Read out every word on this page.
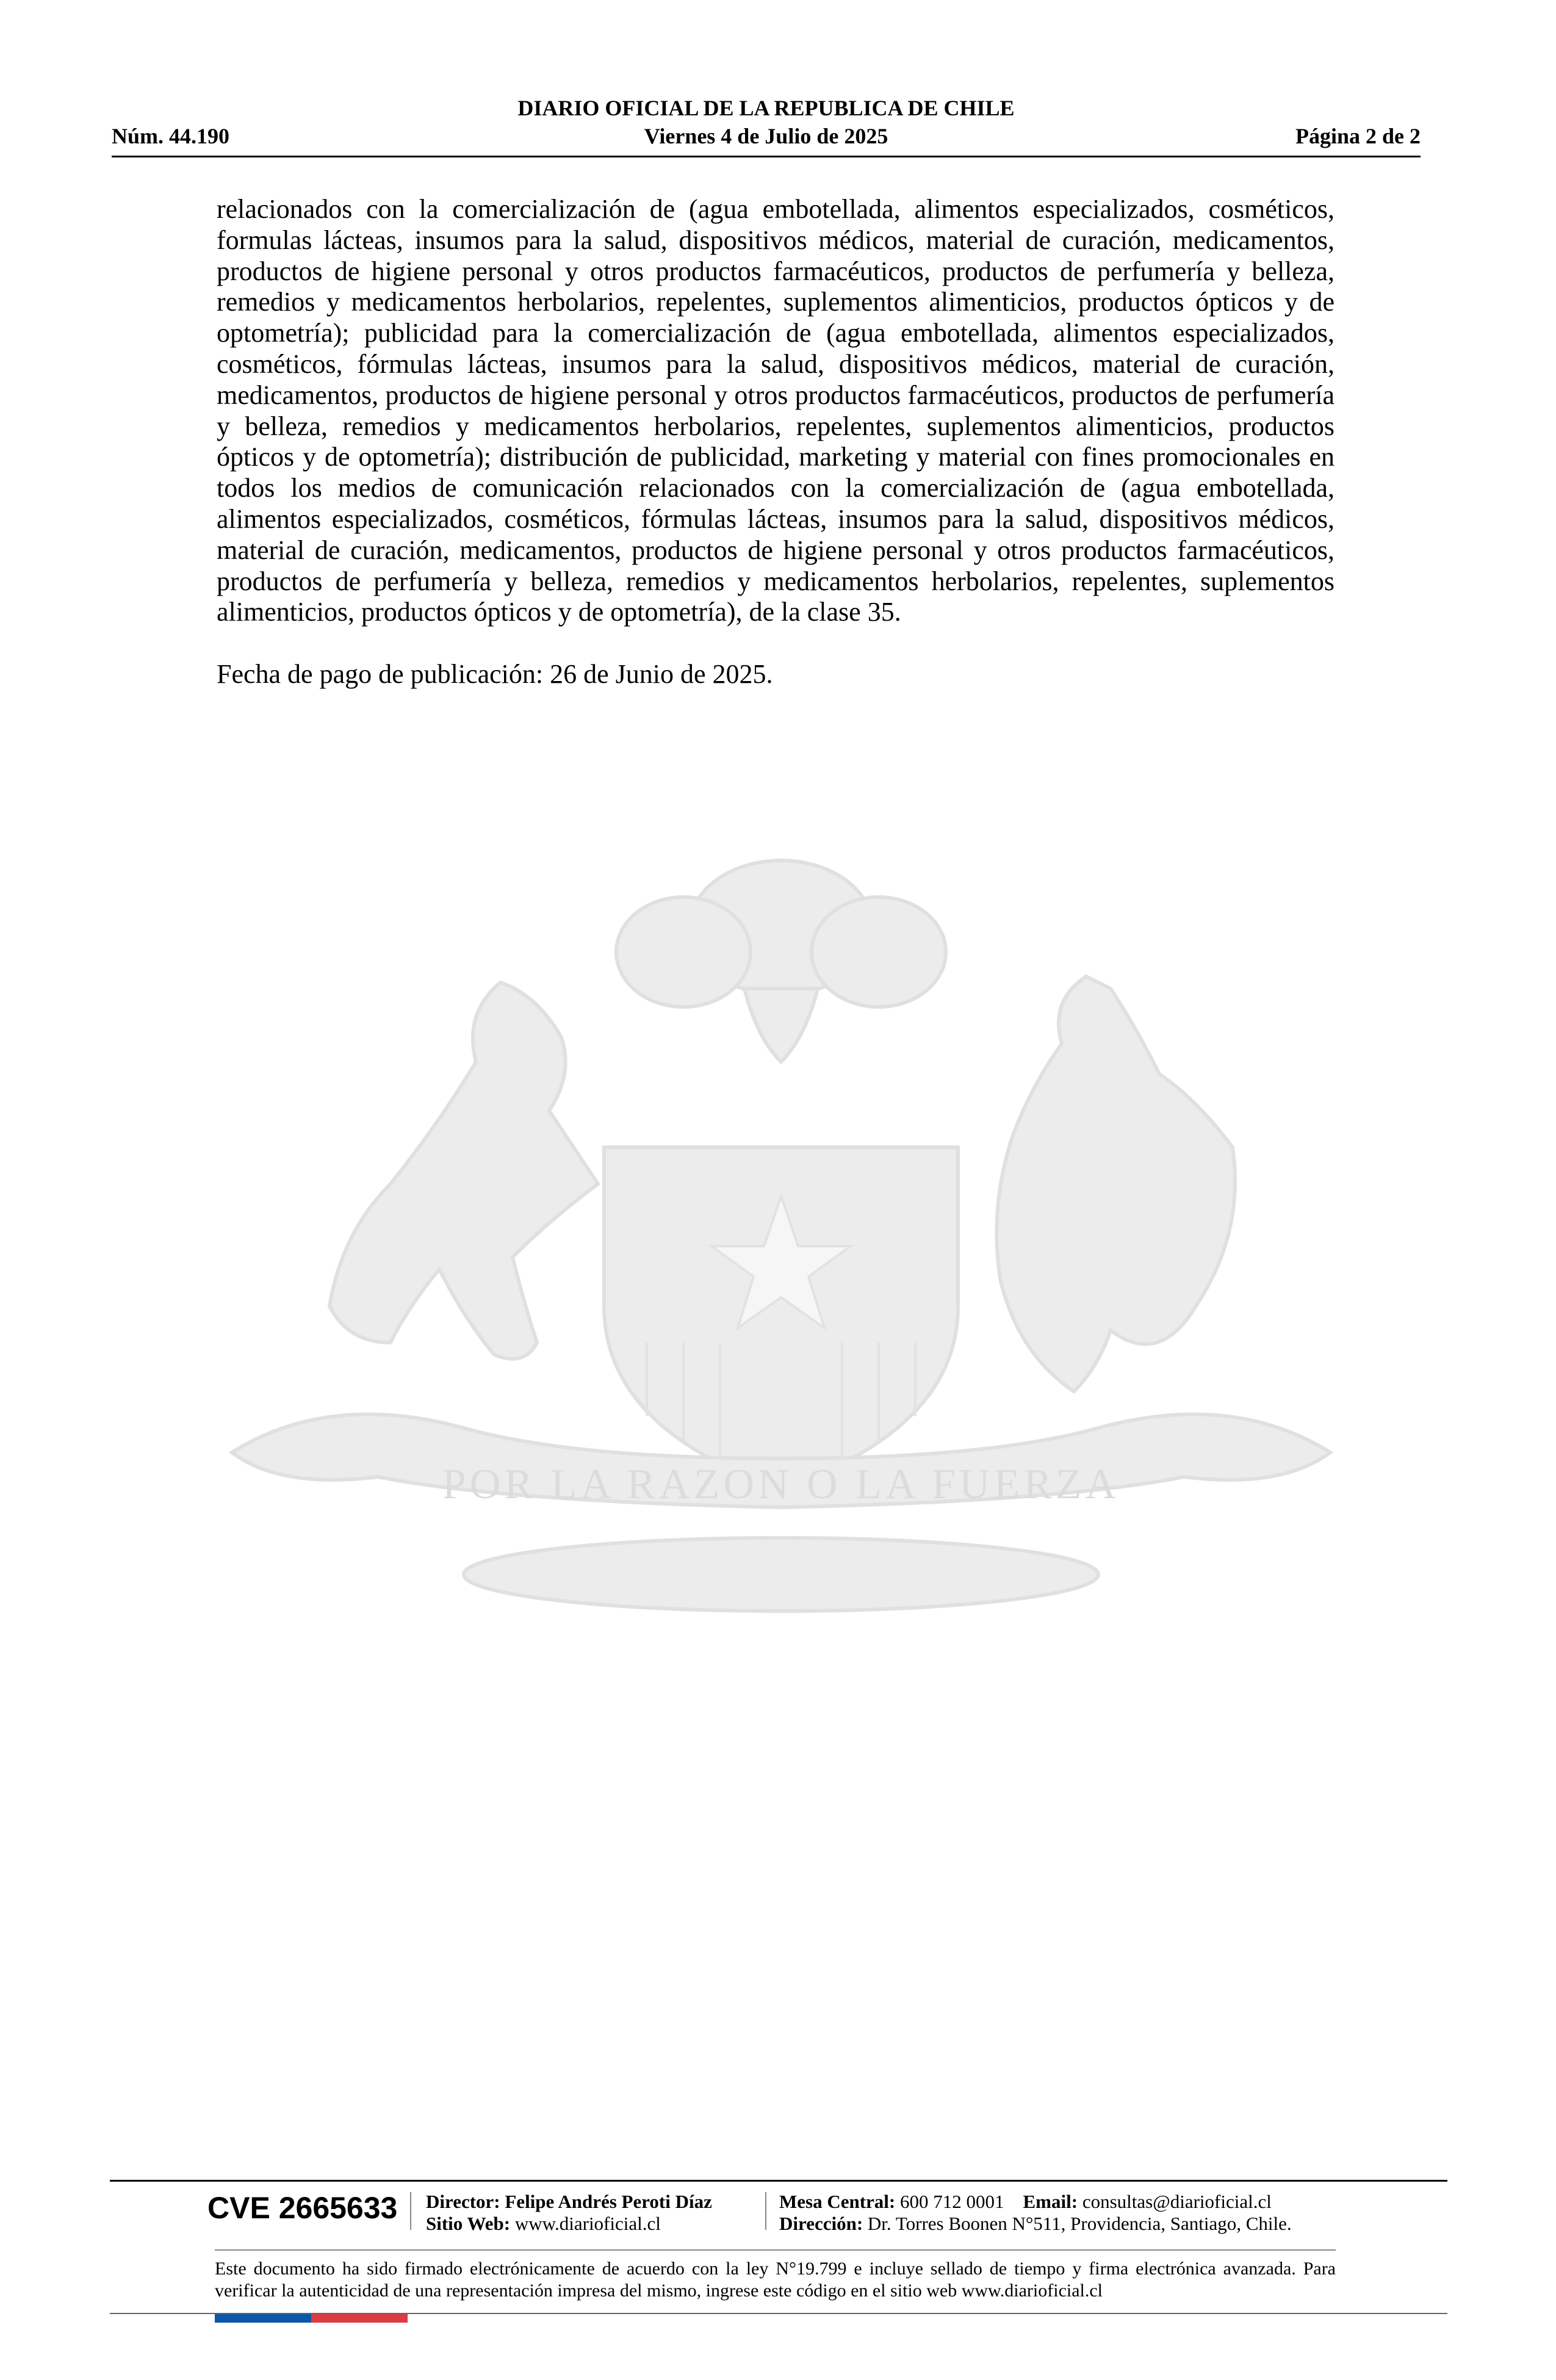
DIARIO OFICIAL DE LA REPUBLICA DE CHILE
Núm. 44.190	Viernes 4 de Julio de 2025	Página 2 de 2
POR LA RAZON O LA FUERZA

relacionados con la comercialización de (agua embotellada, alimentos especializados, cosméticos, formulas lácteas, insumos para la salud, dispositivos médicos, material de curación, medicamentos, productos de higiene personal y otros productos farmacéuticos, productos de perfumería y belleza, remedios y medicamentos herbolarios, repelentes, suplementos alimenticios, productos ópticos y de optometría); publicidad para la comercialización de (agua embotellada, alimentos especializados, cosméticos, fórmulas lácteas, insumos para la salud, dispositivos médicos, material de curación, medicamentos, productos de higiene personal y otros productos farmacéuticos, productos de perfumería y belleza, remedios y medicamentos herbolarios, repelentes, suplementos alimenticios, productos ópticos y de optometría); distribución de publicidad, marketing y material con fines promocionales en todos los medios de comunicación relacionados con la comercialización de (agua embotellada, alimentos especializados, cosméticos, fórmulas lácteas, insumos para la salud, dispositivos médicos, material de curación, medicamentos, productos de higiene personal y otros productos farmacéuticos, productos de perfumería y belleza, remedios y medicamentos herbolarios, repelentes, suplementos alimenticios, productos ópticos y de optometría), de la clase 35.

Fecha de pago de publicación: 26 de Junio de 2025.

CVE 2665633 Director: Felipe Andrés Peroti Díaz
Sitio Web: www.diarioficial.cl
Mesa Central: 600 712 0001 Email: consultas@diarioficial.cl
Dirección: Dr. Torres Boonen N°511, Providencia, Santiago, Chile.

Este documento ha sido firmado electrónicamente de acuerdo con la ley N°19.799 e incluye sellado de tiempo y firma electrónica avanzada. Para verificar la autenticidad de una representación impresa del mismo, ingrese este código en el sitio web www.diarioficial.cl
